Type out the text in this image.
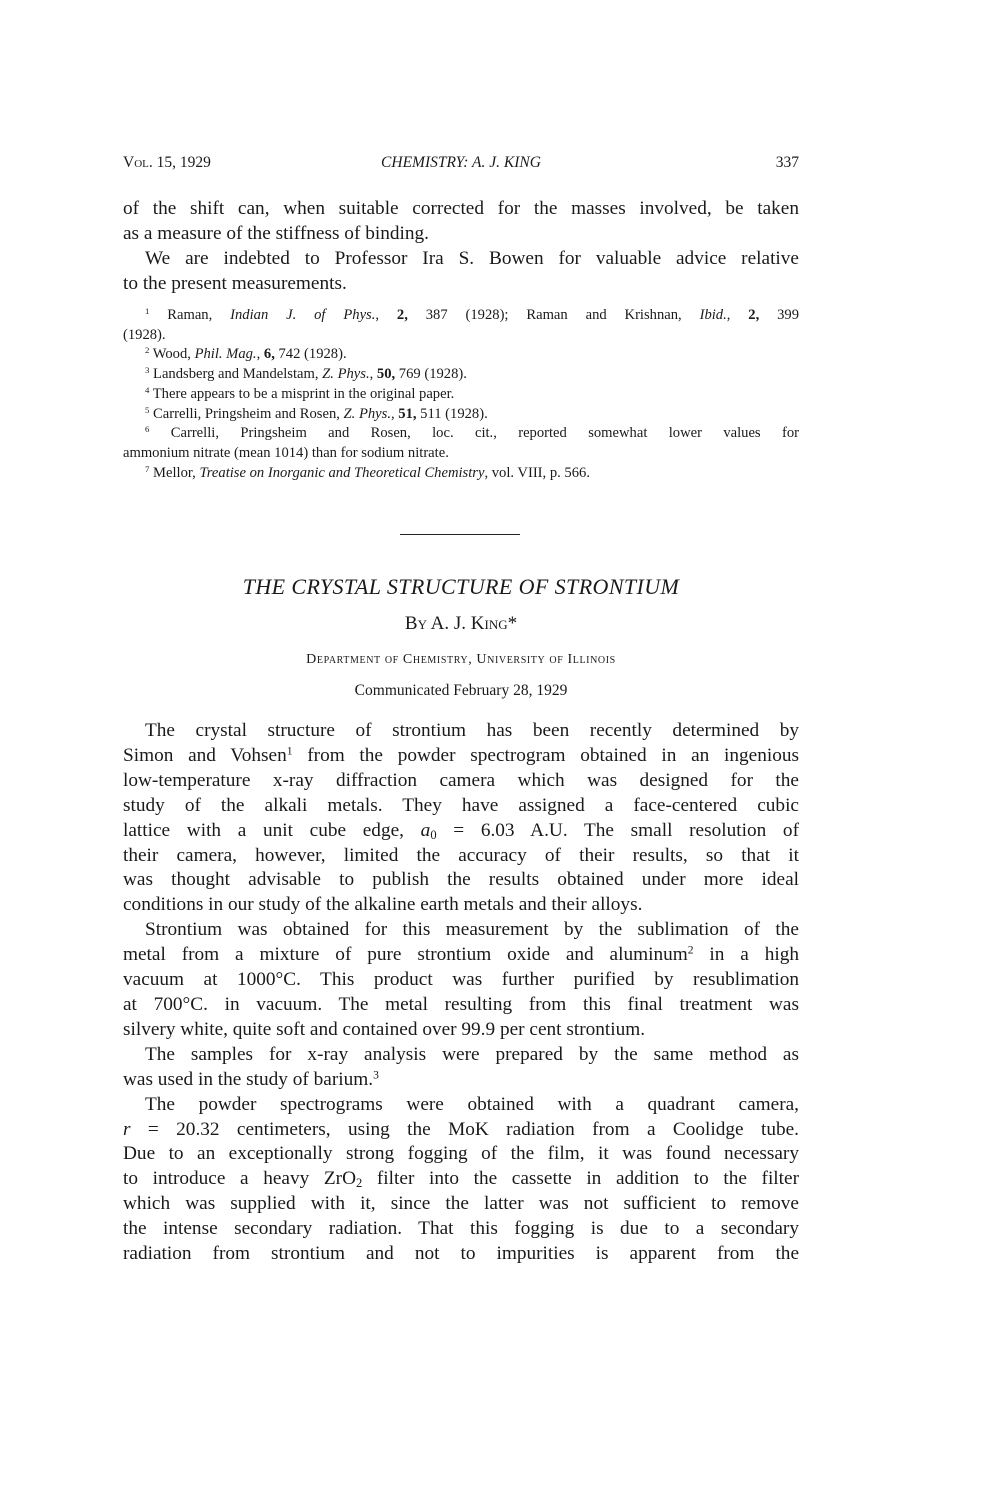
Vol. 15, 1929	CHEMISTRY: A. J. KING	337
of the shift can, when suitable corrected for the masses involved, be taken
as a measure of the stiffness of binding.
We are indebted to Professor Ira S. Bowen for valuable advice relative
to the present measurements.
$^1$ Raman, Indian J. of Phys., 2, 387 (1928); Raman and Krishnan, Ibid., 2, 399
(1928).
$^2$ Wood, Phil. Mag., 6, 742 (1928).
$^3$ Landsberg and Mandelstam, Z. Phys., 50, 769 (1928).
$^4$ There appears to be a misprint in the original paper.
$^5$ Carrelli, Pringsheim and Rosen, Z. Phys., 51, 511 (1928).
$^6$ Carrelli, Pringsheim and Rosen, loc. cit., reported somewhat lower values for
ammonium nitrate (mean 1014) than for sodium nitrate.
$^7$ Mellor, Treatise on Inorganic and Theoretical Chemistry, vol. VIII, p. 566.
THE CRYSTAL STRUCTURE OF STRONTIUM
By A. J. King*
Department of Chemistry, University of Illinois
Communicated February 28, 1929
The crystal structure of strontium has been recently determined by
Simon and Vohsen$^1$ from the powder spectrogram obtained in an ingenious
low-temperature x-ray diffraction camera which was designed for the
study of the alkali metals. They have assigned a face-centered cubic
lattice with a unit cube edge, $a_0 = 6.03$ A.U. The small resolution of
their camera, however, limited the accuracy of their results, so that it
was thought advisable to publish the results obtained under more ideal
conditions in our study of the alkaline earth metals and their alloys.
Strontium was obtained for this measurement by the sublimation of the
metal from a mixture of pure strontium oxide and aluminum$^2$ in a high
vacuum at 1000°C. This product was further purified by resublimation
at 700°C. in vacuum. The metal resulting from this final treatment was
silvery white, quite soft and contained over 99.9 per cent strontium.
The samples for x-ray analysis were prepared by the same method as
was used in the study of barium.$^3$
The powder spectrograms were obtained with a quadrant camera,
r = 20.32 centimeters, using the MoK radiation from a Coolidge tube.
Due to an exceptionally strong fogging of the film, it was found necessary
to introduce a heavy ZrO$_2$ filter into the cassette in addition to the filter
which was supplied with it, since the latter was not sufficient to remove
the intense secondary radiation. That this fogging is due to a secondary
radiation from strontium and not to impurities is apparent from the
